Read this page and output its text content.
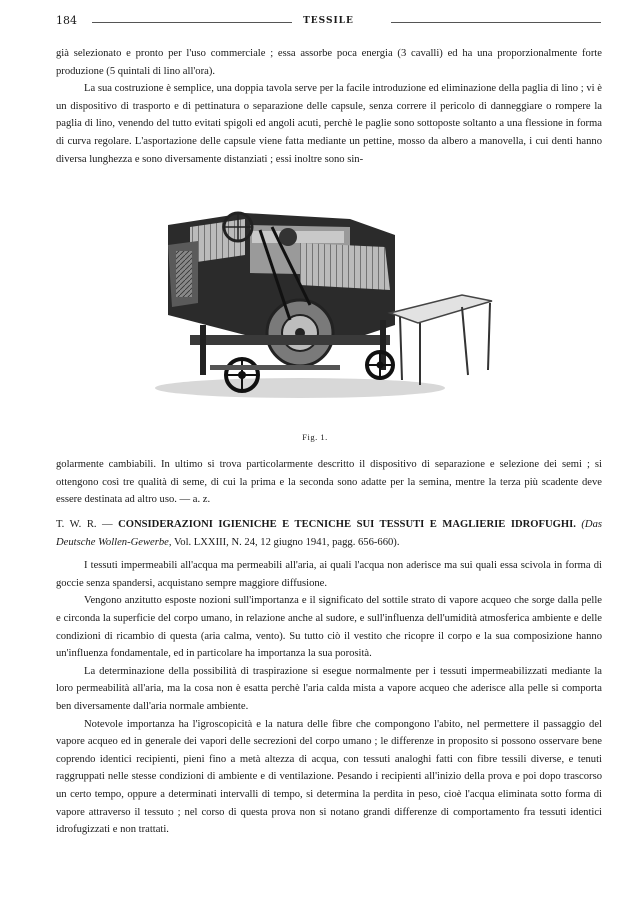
184	TESSILE

già selezionato e pronto per l'uso commerciale ; essa assorbe poca energia (3 cavalli) ed ha una proporzionalmente forte produzione (5 quintali di lino all'ora).

La sua costruzione è semplice, una doppia tavola serve per la facile introduzione ed eliminazione della paglia di lino ; vi è un dispositivo di trasporto e di pettinatura o separazione delle capsule, senza correre il pericolo di danneggiare o rompere la paglia di lino, venendo del tutto evitati spigoli ed angoli acuti, perchè le paglie sono sottoposte soltanto a una flessione in forma di curva regolare. L'asportazione delle capsule viene fatta mediante un pettine, mosso da albero a manovella, i cui denti hanno diversa lunghezza e sono diversamente distanziati ; essi inoltre sono sin-

Fig. 1.

golarmente cambiabili. In ultimo si trova particolarmente descritto il dispositivo di separazione e selezione dei semi ; si ottengono così tre qualità di seme, di cui la prima e la seconda sono adatte per la semina, mentre la terza più scadente deve essere destinata ad altro uso. — a. z.

T. W. R. — CONSIDERAZIONI IGIENICHE E TECNICHE SUI TESSUTI E MAGLIERIE IDROFUGHI. (Das Deutsche Wollen-Gewerbe, Vol. LXXIII, N. 24, 12 giugno 1941, pagg. 656-660).

I tessuti impermeabili all'acqua ma permeabili all'aria, ai quali l'acqua non aderisce ma sui quali essa scivola in forma di goccie senza spandersi, acquistano sempre maggiore diffusione.

Vengono anzitutto esposte nozioni sull'importanza e il significato del sottile strato di vapore acqueo che sorge dalla pelle e circonda la superficie del corpo umano, in relazione anche al sudore, e sull'influenza dell'umidità atmosferica ambiente e delle condizioni di ricambio di questa (aria calma, vento). Su tutto ciò il vestito che ricopre il corpo e la sua composizione hanno un'influenza fondamentale, ed in particolare ha importanza la sua porosità.

La determinazione della possibilità di traspirazione si esegue normalmente per i tessuti impermeabilizzati mediante la loro permeabilità all'aria, ma la cosa non è esatta perchè l'aria calda mista a vapore acqueo che aderisce alla pelle si comporta ben diversamente dall'aria normale ambiente.

Notevole importanza ha l'igroscopicità e la natura delle fibre che compongono l'abito, nel permettere il passaggio del vapore acqueo ed in generale dei vapori delle secrezioni del corpo umano ; le differenze in proposito si possono osservare bene coprendo identici recipienti, pieni fino a metà altezza di acqua, con tessuti analoghi fatti con fibre tessili diverse, e tenuti raggruppati nelle stesse condizioni di ambiente e di ventilazione. Pesando i recipienti all'inizio della prova e poi dopo trascorso un certo tempo, oppure a determinati intervalli di tempo, si determina la perdita in peso, cioè l'acqua eliminata sotto forma di vapore attraverso il tessuto ; nel corso di questa prova non si notano grandi differenze di comportamento fra tessuti identici idrofugizzati e non trattati.
